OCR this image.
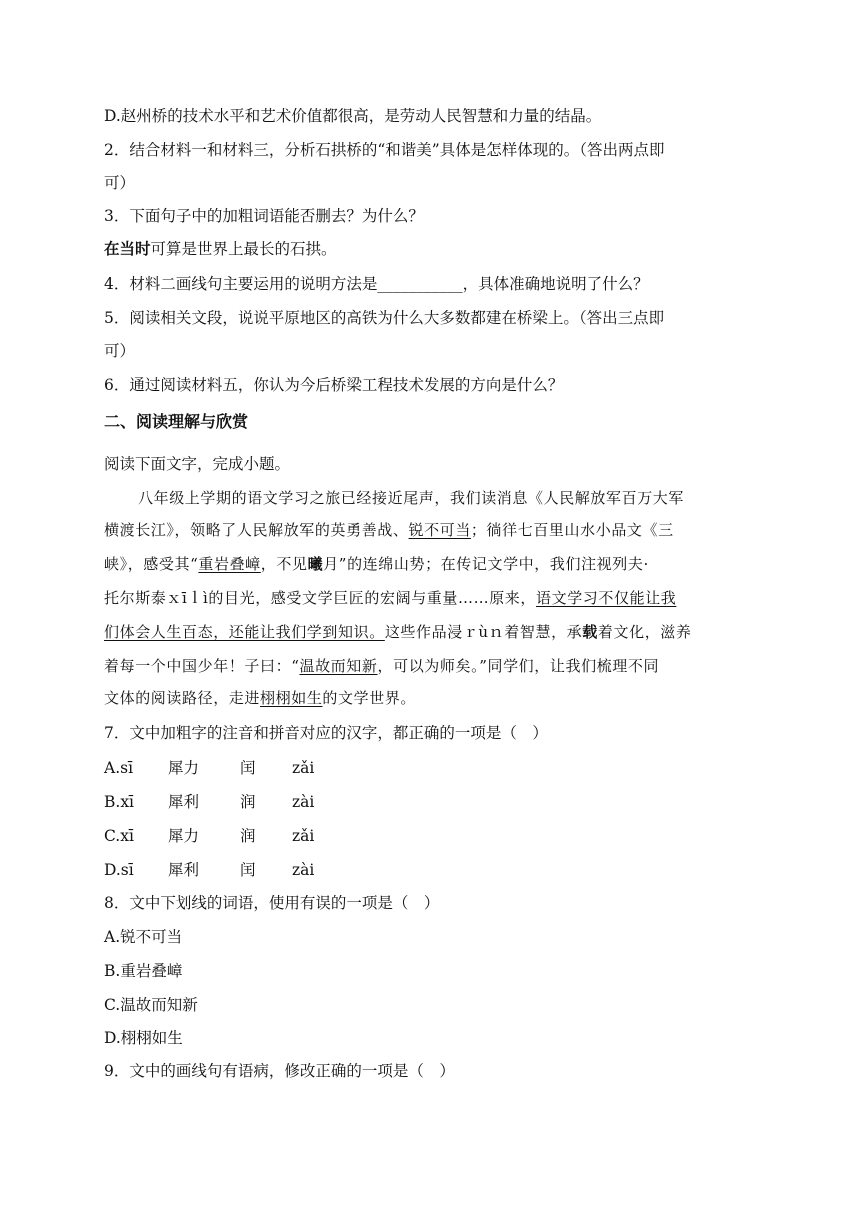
D.赵州桥的技术水平和艺术价值都很高，是劳动人民智慧和力量的结晶。
2．结合材料一和材料三，分析石拱桥的“和谐美”具体是怎样体现的。（答出两点即
可）
3．下面句子中的加粗词语能否删去？为什么？
在当时可算是世界上最长的石拱。
4．材料二画线句主要运用的说明方法是___________，具体准确地说明了什么？
5．阅读相关文段，说说平原地区的高铁为什么大多数都建在桥梁上。（答出三点即
可）
6．通过阅读材料五，你认为今后桥梁工程技术发展的方向是什么？
二、阅读理解与欣赏
阅读下面文字，完成小题。
八年级上学期的语文学习之旅已经接近尾声，我们读消息《人民解放军百万大军
横渡长江》，领略了人民解放军的英勇善战、锐不可当；徜徉七百里山水小品文《三
峡》，感受其“重岩叠嶂，不见曦月”的连绵山势；在传记文学中，我们注视列夫·
托尔斯泰ｘīｌì的目光，感受文学巨匠的宏阔与重量……原来，语文学习不仅能让我
们体会人生百态，还能让我们学到知识。这些作品浸ｒùｎ着智慧，承载着文化，滋养
着每一个中国少年！子曰：“温故而知新，可以为师矣。”同学们，让我们梳理不同
文体的阅读路径，走进栩栩如生的文学世界。
7．文中加粗字的注音和拼音对应的汉字，都正确的一项是（　）
A.sī 犀力	闰 zǎi
B.xī 犀利	润 zài
C.xī 犀力	润 zǎi
D.sī 犀利	闰 zài
8．文中下划线的词语，使用有误的一项是（　）
A.锐不可当
B.重岩叠嶂
C.温故而知新
D.栩栩如生
9．文中的画线句有语病，修改正确的一项是（　）
